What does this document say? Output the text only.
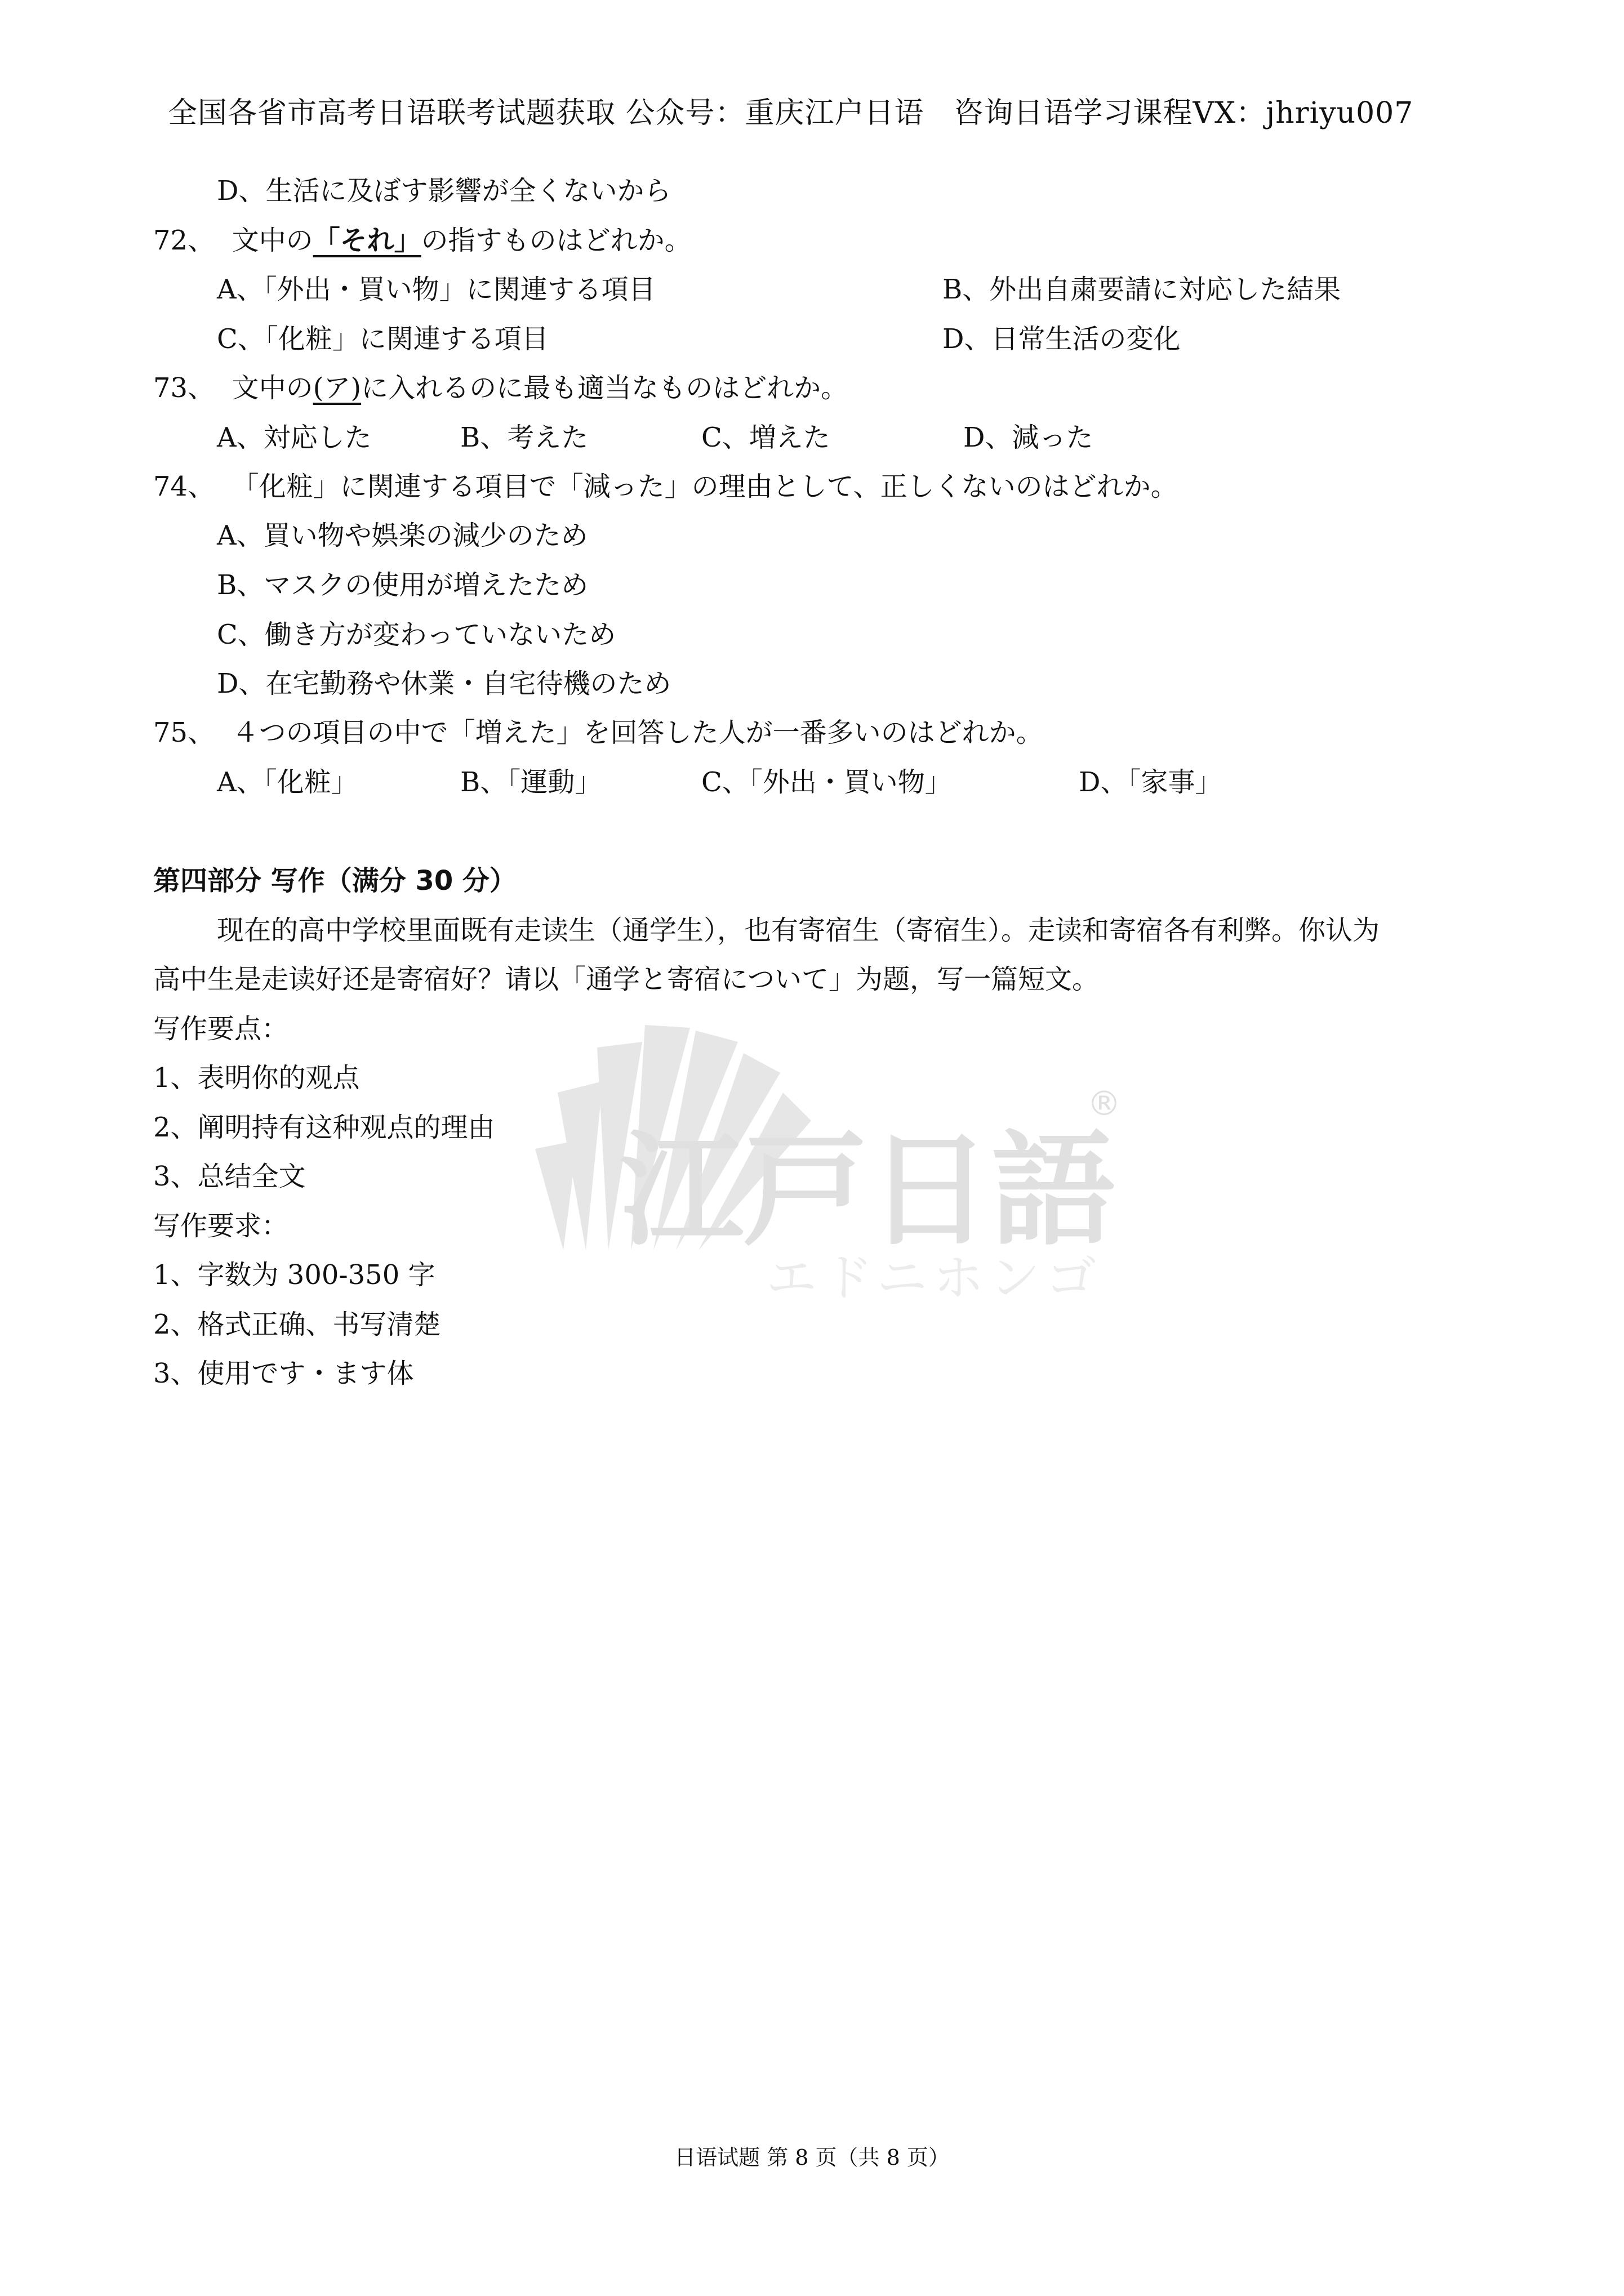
江戸日語
®
エドニホンゴ
全国各省市高考日语联考试题获取 公众号：重庆江户日语　咨询日语学习课程VX：jhriyu007
D、生活に及ぼす影響が全くないから
72、 文中の「それ」の指すものはどれか。
A、「外出・買い物」に関連する項目	B、外出自粛要請に対応した結果
C、「化粧」に関連する項目	D、日常生活の変化
73、 文中の(ア)に入れるのに最も適当なものはどれか。
A、対応した	B、考えた	C、増えた	D、減った
74、 「化粧」に関連する項目で「減った」の理由として、正しくないのはどれか。
A、買い物や娯楽の減少のため
B、マスクの使用が増えたため
C、働き方が変わっていないため
D、在宅勤務や休業・自宅待機のため
75、 ４つの項目の中で「増えた」を回答した人が一番多いのはどれか。
A、「化粧」	B、「運動」	C、「外出・買い物」	D、「家事」
第四部分 写作（满分 30 分）
现在的高中学校里面既有走读生（通学生），也有寄宿生（寄宿生）。走读和寄宿各有利弊。你认为
高中生是走读好还是寄宿好？请以「通学と寄宿について」为题，写一篇短文。
写作要点：
1、表明你的观点
2、阐明持有这种观点的理由
3、总结全文
写作要求：
1、字数为 300-350 字
2、格式正确、书写清楚
3、使用です・ます体
日语试题 第 8 页（共 8 页）
